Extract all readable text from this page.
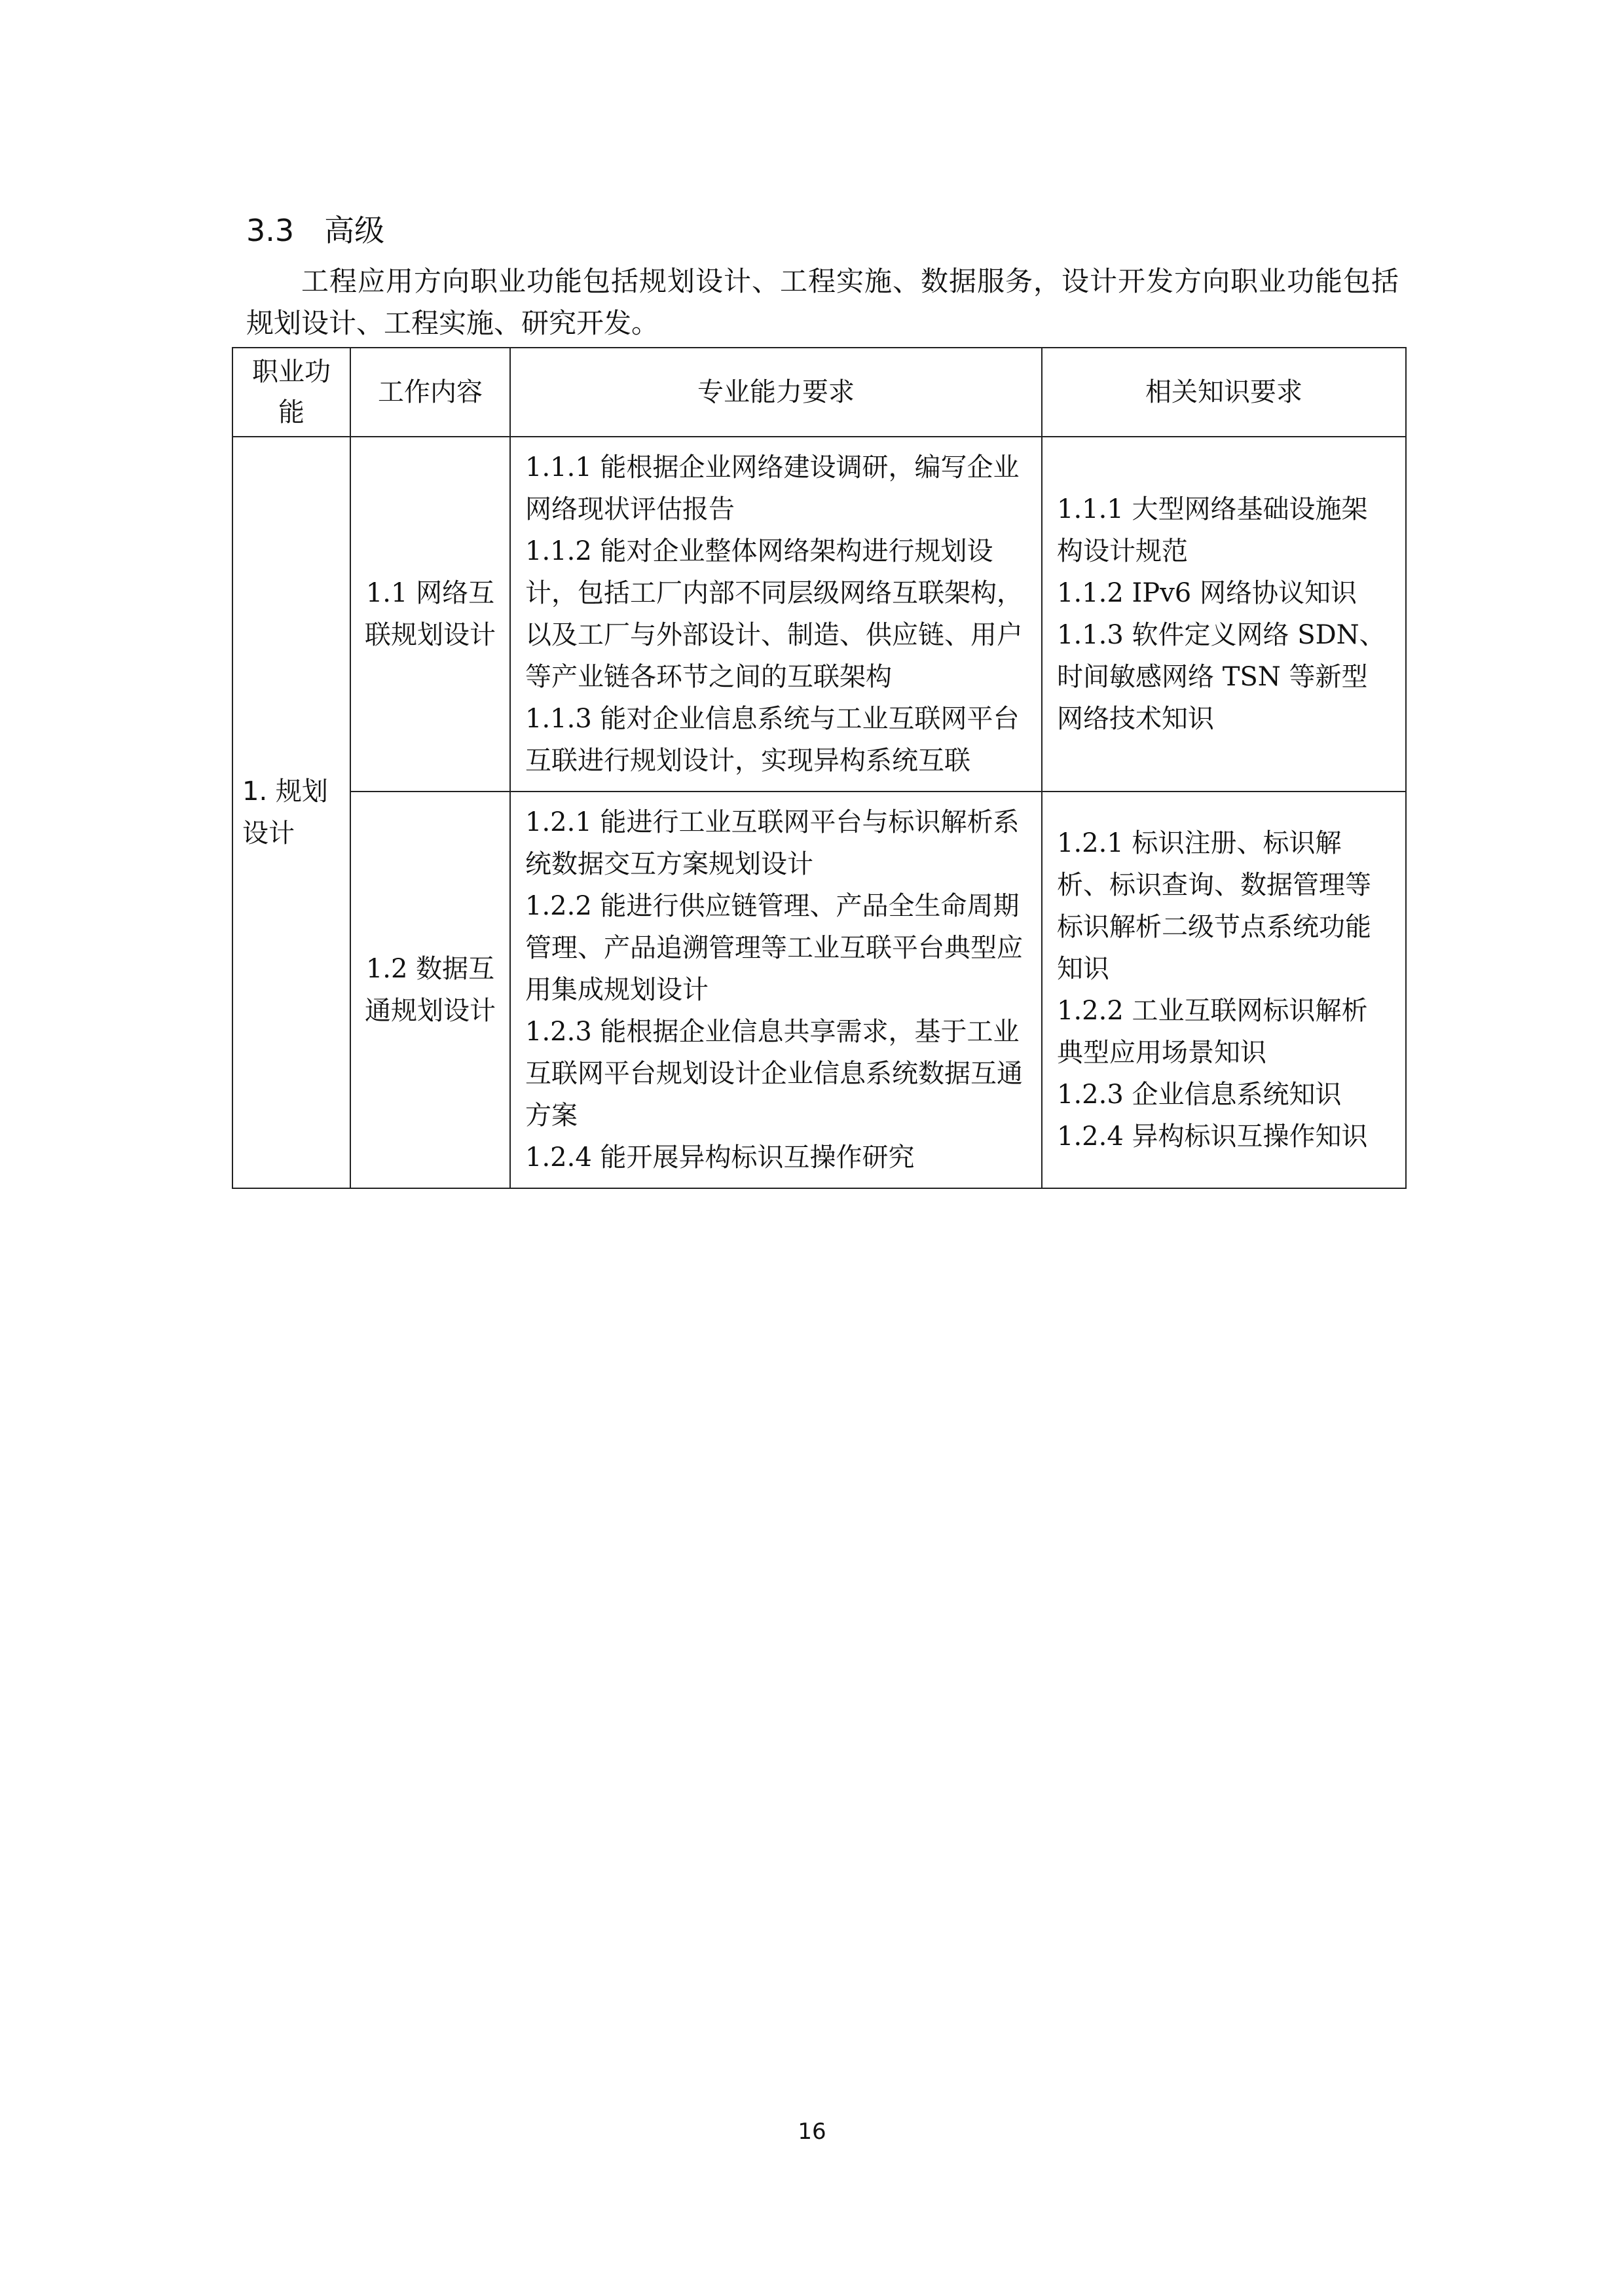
3.3 高级
工程应用方向职业功能包括规划设计、工程实施、数据服务，设计开发方向职业功能包括规划设计、工程实施、研究开发。
职业功能	工作内容	专业能力要求	相关知识要求
1. 规划设计	1.1 网络互联规划设计	1.1.1 能根据企业网络建设调研，编写企业网络现状评估报告
1.1.2 能对企业整体网络架构进行规划设计，包括工厂内部不同层级网络互联架构，以及工厂与外部设计、制造、供应链、用户等产业链各环节之间的互联架构
1.1.3 能对企业信息系统与工业互联网平台互联进行规划设计，实现异构系统互联	1.1.1 大型网络基础设施架构设计规范
1.1.2 IPv6 网络协议知识
1.1.3 软件定义网络 SDN、时间敏感网络 TSN 等新型网络技术知识

	1.2 数据互通规划设计	1.2.1 能进行工业互联网平台与标识解析系统数据交互方案规划设计
1.2.2 能进行供应链管理、产品全生命周期管理、产品追溯管理等工业互联平台典型应用集成规划设计
1.2.3 能根据企业信息共享需求，基于工业互联网平台规划设计企业信息系统数据互通方案
1.2.4 能开展异构标识互操作研究	1.2.1 标识注册、标识解析、标识查询、数据管理等标识解析二级节点系统功能知识
1.2.2 工业互联网标识解析典型应用场景知识
1.2.3 企业信息系统知识
1.2.4 异构标识互操作知识
16
